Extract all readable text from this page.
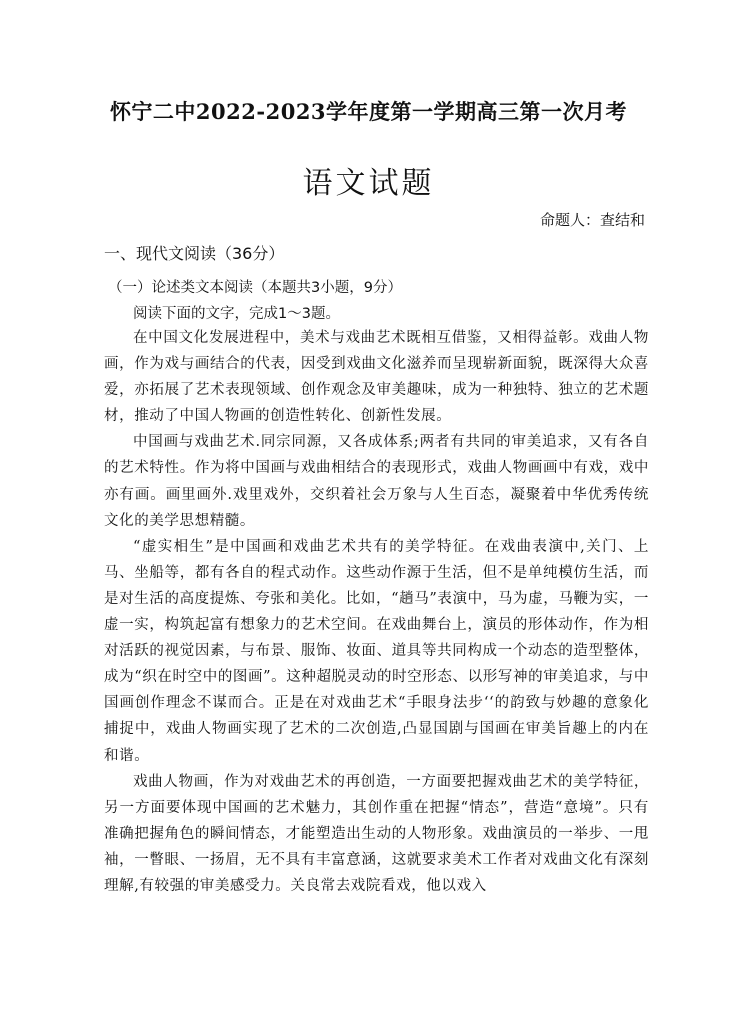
怀宁二中2022-2023学年度第一学期高三第一次月考
语文试题
命题人：查结和
一、现代文阅读（36分）
（一）论述类文本阅读（本题共3小题，9分）
阅读下面的文字，完成1～3题。

在中国文化发展进程中，美术与戏曲艺术既相互借鉴，又相得益彰。戏曲人物画，作为戏与画结合的代表，因受到戏曲文化滋养而呈现崭新面貌，既深得大众喜爱，亦拓展了艺术表现领域、创作观念及审美趣味，成为一种独特、独立的艺术题材，推动了中国人物画的创造性转化、创新性发展。

中国画与戏曲艺术.同宗同源，又各成体系;两者有共同的审美追求，又有各自的艺术特性。作为将中国画与戏曲相结合的表现形式，戏曲人物画画中有戏，戏中亦有画。画里画外.戏里戏外，交织着社会万象与人生百态，凝聚着中华优秀传统文化的美学思想精髓。

“虚实相生”是中国画和戏曲艺术共有的美学特征。在戏曲表演中,关门、上马、坐船等，都有各自的程式动作。这些动作源于生活，但不是单纯模仿生活，而是对生活的高度提炼、夸张和美化。比如，“趟马”表演中，马为虚，马鞭为实，一虚一实，构筑起富有想象力的艺术空间。在戏曲舞台上，演员的形体动作，作为相对活跃的视觉因素，与布景、服饰、妆面、道具等共同构成一个动态的造型整体，成为“织在时空中的图画”。这种超脱灵动的时空形态、以形写神的审美追求，与中国画创作理念不谋而合。正是在对戏曲艺术“手眼身法步‘‘的韵致与妙趣的意象化捕捉中，戏曲人物画实现了艺术的二次创造,凸显国剧与国画在审美旨趣上的内在和谐。

戏曲人物画，作为对戏曲艺术的再创造，一方面要把握戏曲艺术的美学特征，另一方面要体现中国画的艺术魅力，其创作重在把握“情态”，营造“意境”。只有准确把握角色的瞬间情态，才能塑造出生动的人物形象。戏曲演员的一举步、一甩袖，一瞥眼、一扬眉，无不具有丰富意涵，这就要求美术工作者对戏曲文化有深刻理解,有较强的审美感受力。关良常去戏院看戏，他以戏入
